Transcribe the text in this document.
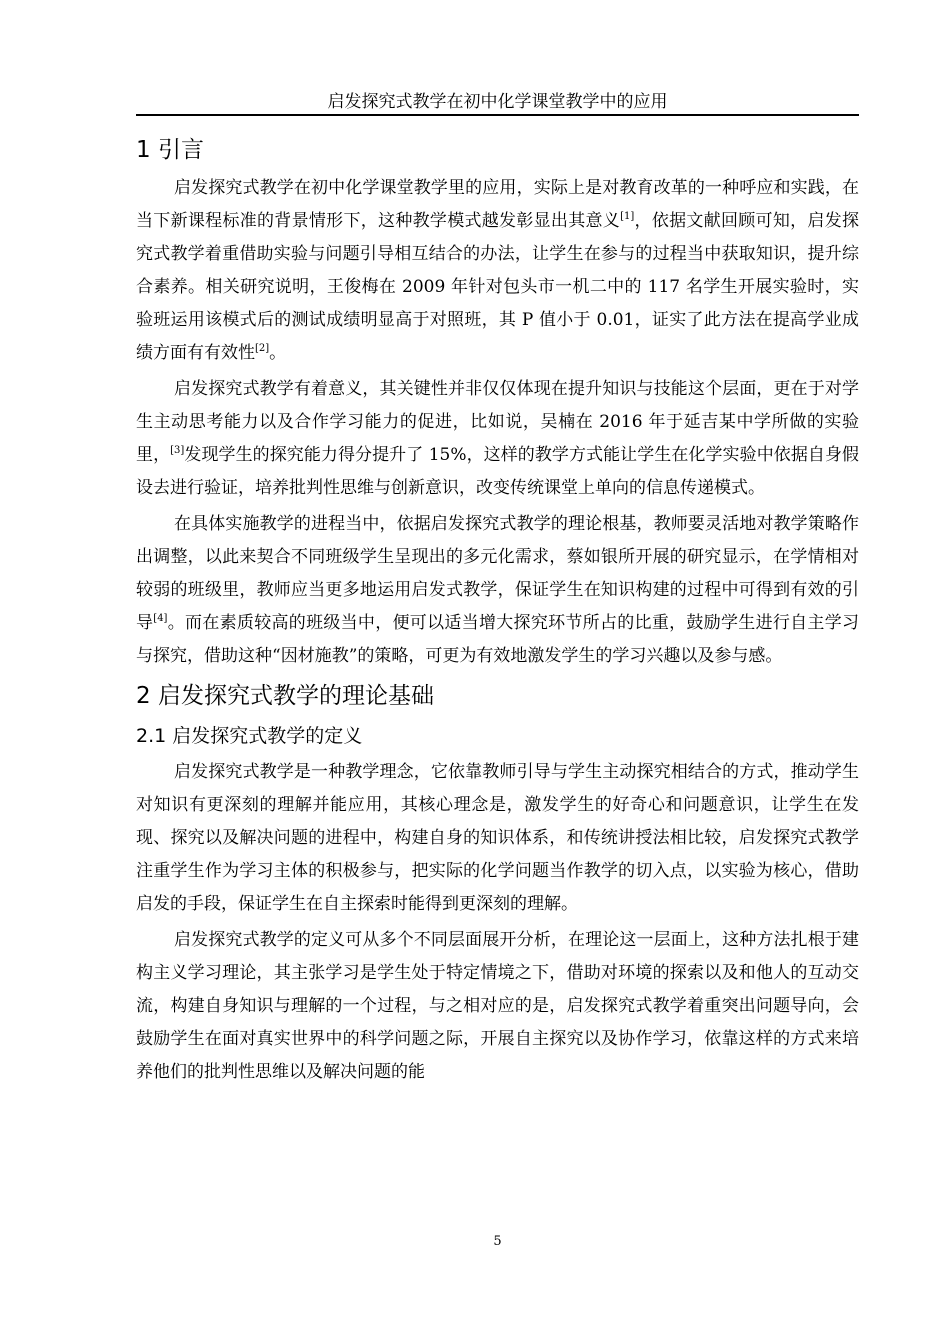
启发探究式教学在初中化学课堂教学中的应用
1 引言

启发探究式教学在初中化学课堂教学里的应用，实际上是对教育改革的一种呼应和实践，在当下新课程标准的背景情形下，这种教学模式越发彰显出其意义[1]，依据文献回顾可知，启发探究式教学着重借助实验与问题引导相互结合的办法，让学生在参与的过程当中获取知识，提升综合素养。相关研究说明，王俊梅在 2009 年针对包头市一机二中的 117 名学生开展实验时，实验班运用该模式后的测试成绩明显高于对照班，其 P 值小于 0.01，证实了此方法在提高学业成绩方面有有效性[2]。

启发探究式教学有着意义，其关键性并非仅仅体现在提升知识与技能这个层面，更在于对学生主动思考能力以及合作学习能力的促进，比如说，吴楠在 2016 年于延吉某中学所做的实验里，[3]发现学生的探究能力得分提升了 15%，这样的教学方式能让学生在化学实验中依据自身假设去进行验证，培养批判性思维与创新意识，改变传统课堂上单向的信息传递模式。

在具体实施教学的进程当中，依据启发探究式教学的理论根基，教师要灵活地对教学策略作出调整，以此来契合不同班级学生呈现出的多元化需求，蔡如银所开展的研究显示，在学情相对较弱的班级里，教师应当更多地运用启发式教学，保证学生在知识构建的过程中可得到有效的引导[4]。而在素质较高的班级当中，便可以适当增大探究环节所占的比重，鼓励学生进行自主学习与探究，借助这种“因材施教”的策略，可更为有效地激发学生的学习兴趣以及参与感。

2 启发探究式教学的理论基础
2.1 启发探究式教学的定义

启发探究式教学是一种教学理念，它依靠教师引导与学生主动探究相结合的方式，推动学生对知识有更深刻的理解并能应用，其核心理念是，激发学生的好奇心和问题意识，让学生在发现、探究以及解决问题的进程中，构建自身的知识体系，和传统讲授法相比较，启发探究式教学注重学生作为学习主体的积极参与，把实际的化学问题当作教学的切入点，以实验为核心，借助启发的手段，保证学生在自主探索时能得到更深刻的理解。

启发探究式教学的定义可从多个不同层面展开分析，在理论这一层面上，这种方法扎根于建构主义学习理论，其主张学习是学生处于特定情境之下，借助对环境的探索以及和他人的互动交流，构建自身知识与理解的一个过程，与之相对应的是，启发探究式教学着重突出问题导向，会鼓励学生在面对真实世界中的科学问题之际，开展自主探究以及协作学习，依靠这样的方式来培养他们的批判性思维以及解决问题的能

5
